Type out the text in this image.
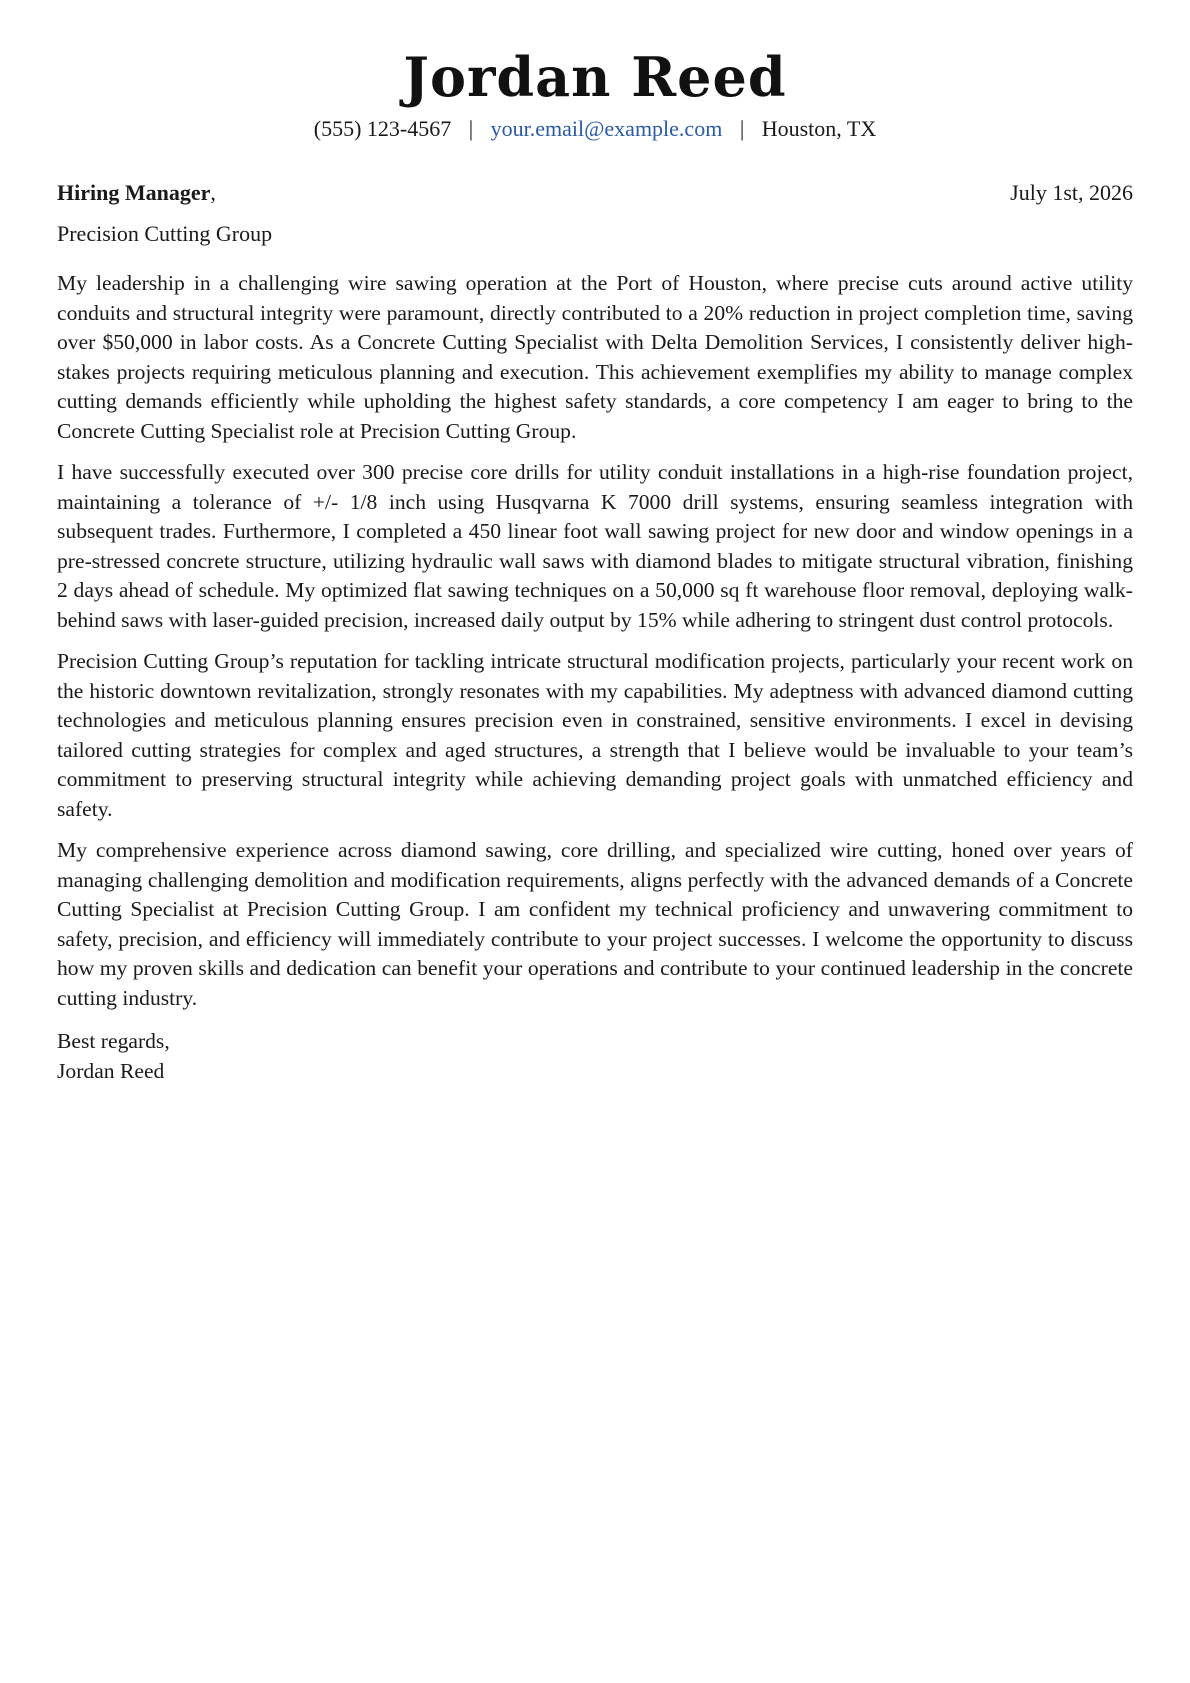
Jordan Reed
(555) 123-4567 | your.email@example.com | Houston, TX
Hiring Manager,	July 1st, 2026
Precision Cutting Group

My leadership in a challenging wire sawing operation at the Port of Houston, where precise cuts around active utility conduits and structural integrity were paramount, directly contributed to a 20% reduction in project completion time, saving over $50,000 in labor costs. As a Concrete Cutting Specialist with Delta Demolition Services, I consistently deliver high-stakes projects requiring meticulous planning and execution. This achievement exemplifies my ability to manage complex cutting demands efficiently while upholding the highest safety standards, a core competency I am eager to bring to the Concrete Cutting Specialist role at Precision Cutting Group.

I have successfully executed over 300 precise core drills for utility conduit installations in a high-rise foundation project, maintaining a tolerance of +/- 1/8 inch using Husqvarna K 7000 drill systems, ensuring seamless integration with subsequent trades. Furthermore, I completed a 450 linear foot wall sawing project for new door and window openings in a pre-stressed concrete structure, utilizing hydraulic wall saws with diamond blades to mitigate structural vibration, finishing 2 days ahead of schedule. My optimized flat sawing techniques on a 50,000 sq ft warehouse floor removal, deploying walk-behind saws with laser-guided precision, increased daily output by 15% while adhering to stringent dust control protocols.

Precision Cutting Group’s reputation for tackling intricate structural modification projects, particularly your recent work on the historic downtown revitalization, strongly resonates with my capabilities. My adeptness with advanced diamond cutting technologies and meticulous planning ensures precision even in constrained, sensitive environments. I excel in devising tailored cutting strategies for complex and aged structures, a strength that I believe would be invaluable to your team’s commitment to preserving structural integrity while achieving demanding project goals with unmatched efficiency and safety.

My comprehensive experience across diamond sawing, core drilling, and specialized wire cutting, honed over years of managing challenging demolition and modification requirements, aligns perfectly with the advanced demands of a Concrete Cutting Specialist at Precision Cutting Group. I am confident my technical proficiency and unwavering commitment to safety, precision, and efficiency will immediately contribute to your project successes. I welcome the opportunity to discuss how my proven skills and dedication can benefit your operations and contribute to your continued leadership in the concrete cutting industry.

Best regards,
Jordan Reed
